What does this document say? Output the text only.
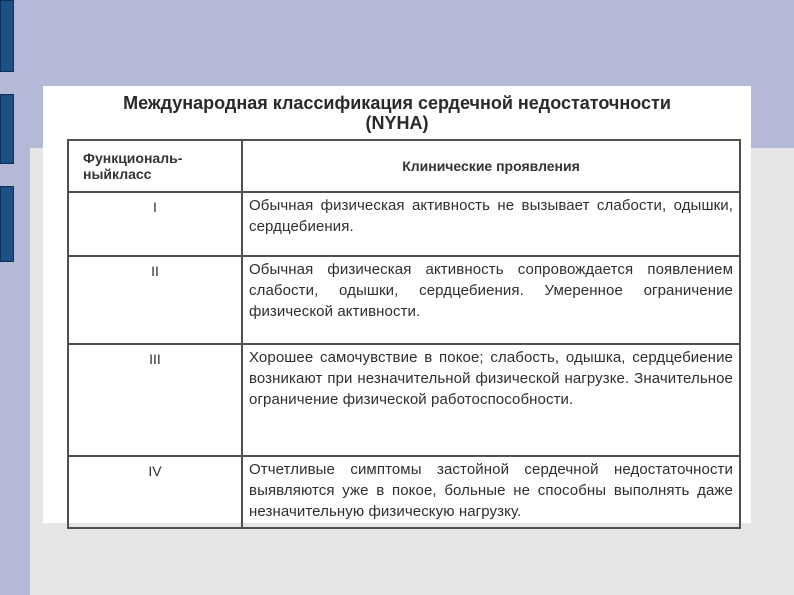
Международная классификация сердечной недостаточности
(NYHA)
Функциональ-ныйкласс	Клинические проявления
I	Обычная физическая активность не вызывает слабости, одышки, сердцебиения.
II	Обычная физическая активность сопровождается появлением слабости, одышки, сердцебиения. Умеренное ограничение физической активности.
III	Хорошее самочувствие в покое; слабость, одышка, сердцебиение возникают при незначительной физической нагрузке. Значительное ограничение физической работоспособности.
IV	Отчетливые симптомы застойной сердечной недостаточности выявляются уже в покое, больные не способны выполнять даже незначительную физическую нагрузку.
